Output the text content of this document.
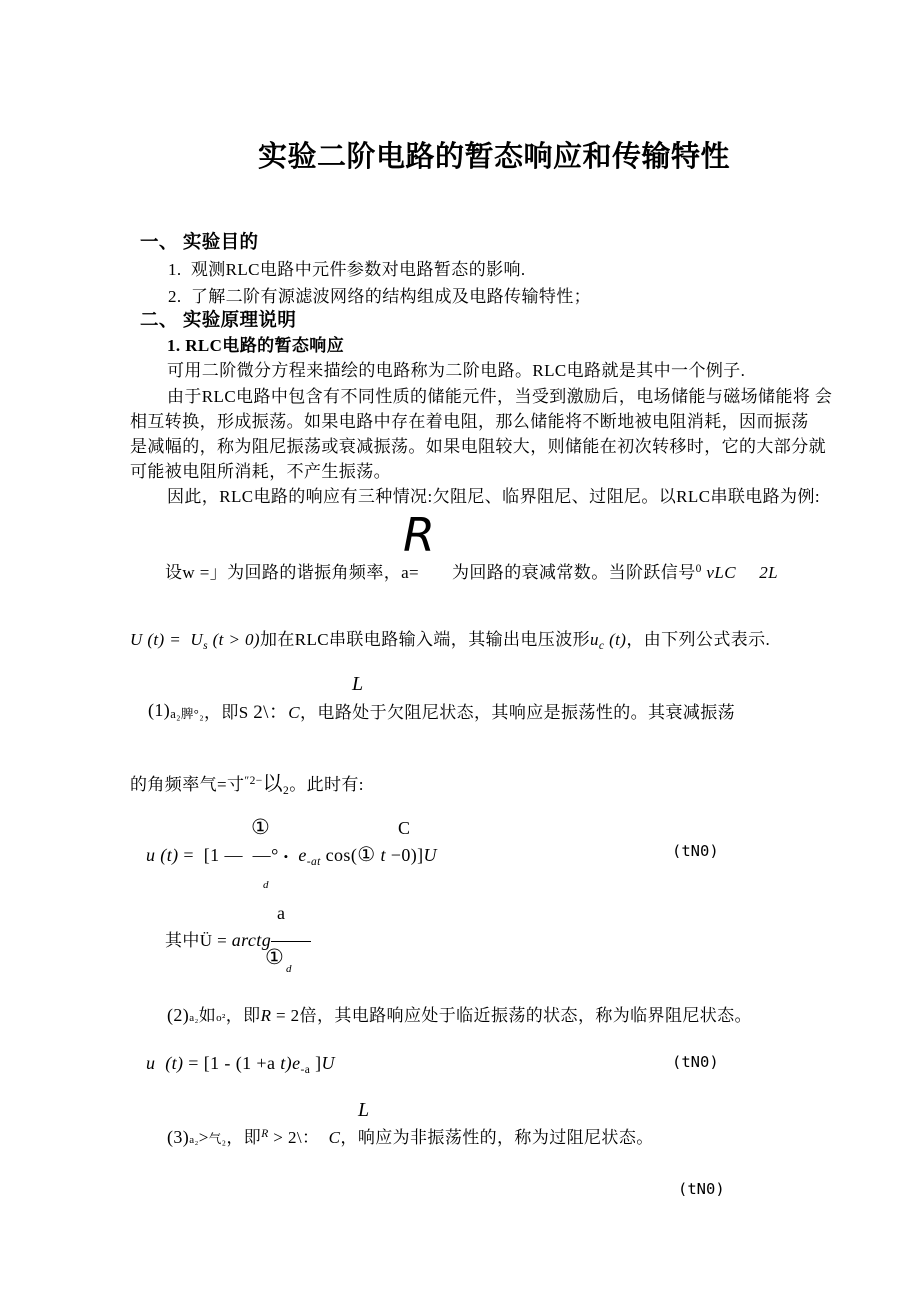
实验二阶电路的暂态响应和传输特性
一、 实验目的
1.  观测RLC电路中元件参数对电路暂态的影响.
2.  了解二阶有源滤波网络的结构组成及电路传输特性；
二、 实验原理说明
1. RLC电路的暂态响应
可用二阶微分方程来描绘的电路称为二阶电路。RLC电路就是其中一个例子.
由于RLC电路中包含有不同性质的储能元件，当受到激励后，电场储能与磁场储能将 会
相互转换，形成振荡。如果电路中存在着电阻，那么储能将不断地被电阻消耗，因而振荡
是减幅的，称为阻尼振荡或衰减振荡。如果电阻较大，则储能在初次转移时，它的大部分就
可能被电阻所消耗，不产生振荡。
因此，RLC电路的响应有三种情况:欠阻尼、临界阻尼、过阻尼。以RLC串联电路为例:
R
设w =」为回路的谐振角频率，a= 为回路的衰减常数。当阶跃信号$^0$ vLC 2L
U $(t) = U_s$ (t > 0)加在RLC串联电路输入端，其输出电压波形$u_c$ (t)，由下列公式表示.
L
(1)a₂脾°₂，即S 2\：C，电路处于欠阻尼状态，其响应是振荡性的。其衰减振荡
的角频率气=寸$^{''2-}$以$_2$。此时有:
①	C
u (t) =  [1 — —° • $e_{-at}$ cos(① t −0)]U
d
(tN0)
a
其中Ü = arctg
① d
(2)a₂如o²，即R = 2倍，其电路响应处于临近振荡的状态，称为临界阻尼状态。
u  (t) = [1 - (1 +a $t)e_{-a}$ ]U	(tN0)
L
(3)a₂>气₂，即$^R$ > 2\：  C，响应为非振荡性的，称为过阻尼状态。
(tN0)
